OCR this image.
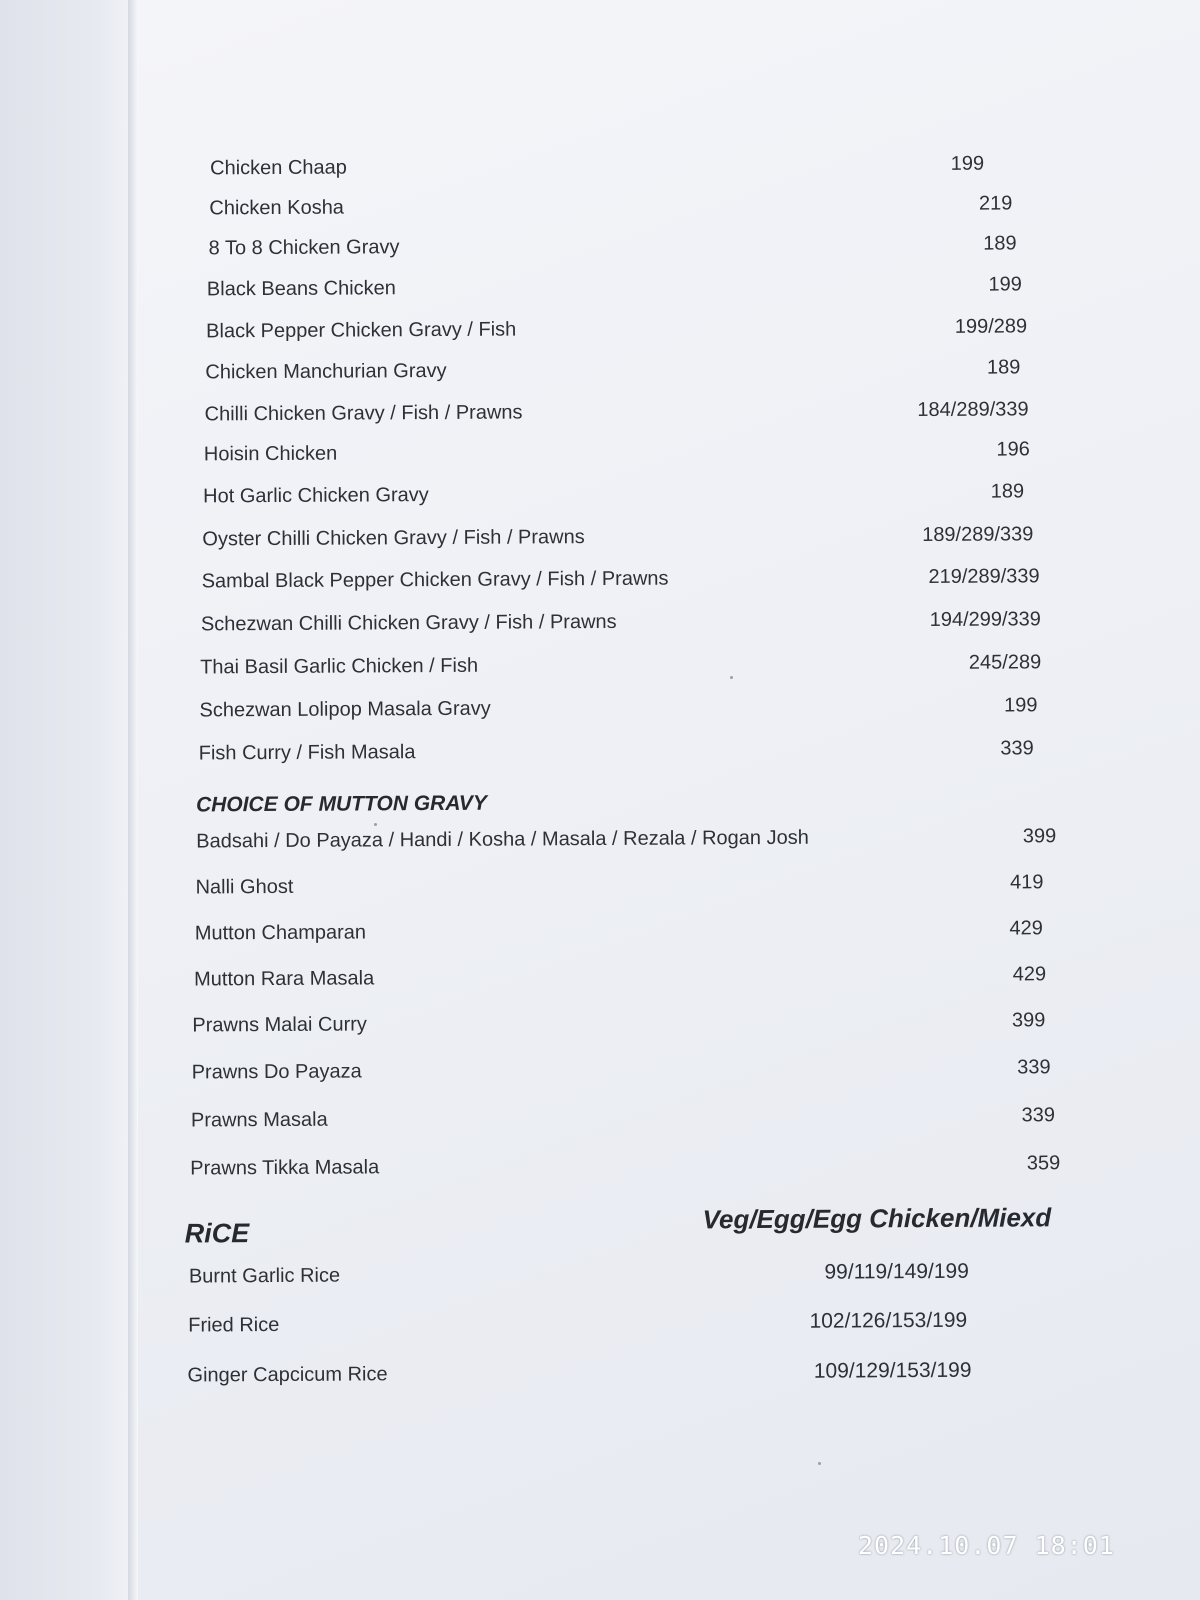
Chicken Chaap	199
Chicken Kosha	219
8 To 8 Chicken Gravy	189
Black Beans Chicken	199
Black Pepper Chicken Gravy / Fish	199/289
Chicken Manchurian Gravy	189
Chilli Chicken Gravy / Fish / Prawns	184/289/339
Hoisin Chicken	196
Hot Garlic Chicken Gravy	189
Oyster Chilli Chicken Gravy / Fish / Prawns	189/289/339
Sambal Black Pepper Chicken Gravy / Fish / Prawns	219/289/339
Schezwan Chilli Chicken Gravy / Fish / Prawns	194/299/339
Thai Basil Garlic Chicken / Fish	245/289
Schezwan Lolipop Masala Gravy	199
Fish Curry / Fish Masala	339
CHOICE OF MUTTON GRAVY
Badsahi / Do Payaza / Handi / Kosha / Masala / Rezala / Rogan Josh	399
Nalli Ghost	419
Mutton Champaran	429
Mutton Rara Masala	429
Prawns Malai Curry	399
Prawns Do Payaza	339
Prawns Masala	339
Prawns Tikka Masala	359
RiCE	Veg/Egg/Egg Chicken/Miexd
Burnt Garlic Rice	99/119/149/199
Fried Rice	102/126/153/199
Ginger Capcicum Rice	109/129/153/199
2024.10.07 18:01
